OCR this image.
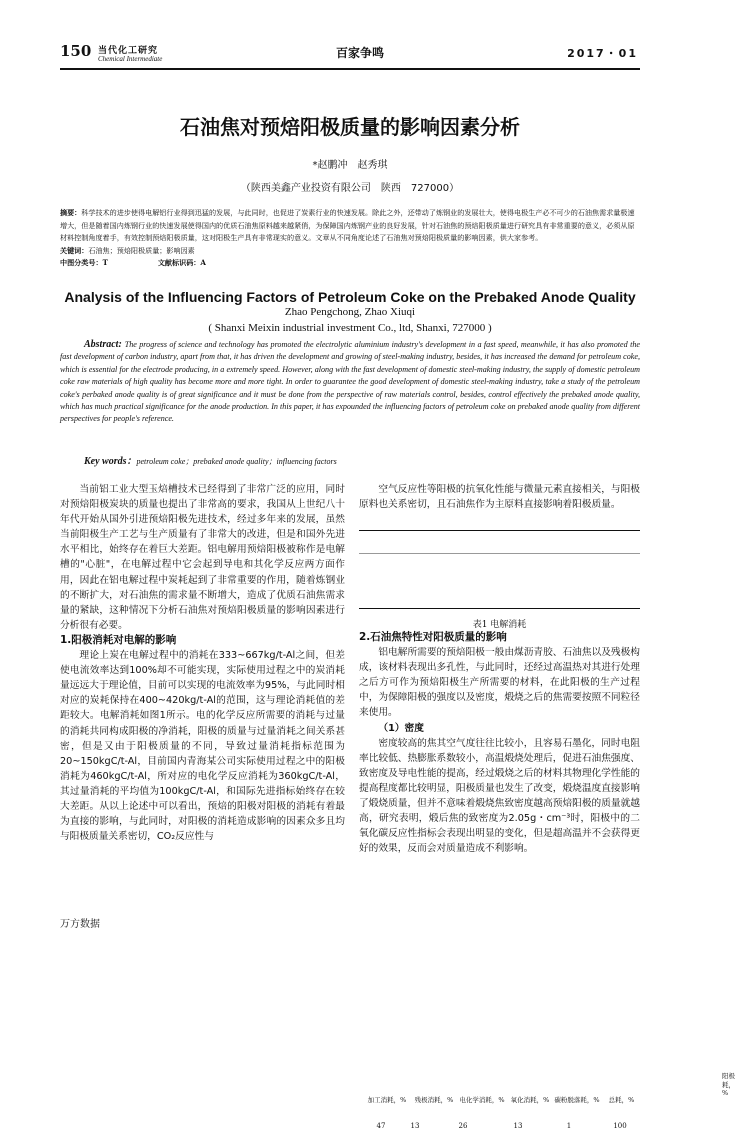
150 当代化工研究
Chemical Intermediate	百家争鸣	2017・01
石油焦对预焙阳极质量的影响因素分析
*赵鹏冲　赵秀琪
（陕西美鑫产业投资有限公司　陕西　727000）
摘要：科学技术的进步使得电解铝行业得到迅猛的发展，与此同时，也促进了炭素行业的快速发展。除此之外，还带动了炼钢业的发展壮大，使得电极生产必不可少的石油焦需求量极速增大，但是随着国内炼钢行业的快速发展使得国内的优质石油焦原料越来越紧俏，为保障国内炼钢产业的良好发展，针对石油焦的预焙阳极质量进行研究具有非常重要的意义，必须从原材料控制角度着手，有效控制预焙阳极质量，这对阳极生产具有非常现实的意义。文章从不同角度论述了石油焦对预焙阳极质量的影响因素，供大家参考。
关键词：石油焦；预焙阳极质量；影响因素
中图分类号：T	文献标识码：A
Analysis of the Influencing Factors of Petroleum Coke on the Prebaked Anode Quality
Zhao Pengchong, Zhao Xiuqi
( Shanxi Meixin industrial investment Co., ltd, Shanxi, 727000 )
Abstract: The progress of science and technology has promoted the electrolytic aluminium industry's development in a fast speed, meanwhile, it has also promoted the fast development of carbon industry, apart from that, it has driven the development and growing of steel-making industry, besides, it has increased the demand for petroleum coke, which is essential for the electrode producing, in a extremely speed. However, along with the fast development of domestic steel-making industry, the supply of domestic petroleum coke raw materials of high quality has become more and more tight. In order to guarantee the good development of domestic steel-making industry, take a study of the petroleum coke's perbaked anode quality is of great significance and it must be done from the perspective of raw materials control, besides, control effectively the prebaked anode quality, which has much practical significance for the anode production. In this paper, it has expounded the influencing factors of petroleum coke on prebaked anode quality from different perspectives for people's reference.
Key words：petroleum coke；prebaked anode quality；influencing factors

当前铝工业大型玉焙槽技术已经得到了非常广泛的应用，同时对预焙阳极炭块的质量也提出了非常高的要求，我国从上世纪八十年代开始从国外引进预焙阳极先进技术，经过多年来的发展，虽然当前阳极生产工艺与生产质量有了非常大的改进，但是和国外先进水平相比，始终存在着巨大差距。铝电解用预焙阳极被称作是电解槽的"心脏"，在电解过程中它会起到导电和其化学反应两方面作用，因此在铝电解过程中炭耗起到了非常重要的作用，随着炼钢业的不断扩大，对石油焦的需求量不断增大，造成了优质石油焦需求量的紧缺，这种情况下分析石油焦对预焙阳极质量的影响因素进行分析很有必要。

1.阳极消耗对电解的影响

理论上炭在电解过程中的消耗在333~667kg/t-Al之间，但差使电流效率达到100%却不可能实现，实际使用过程之中的炭消耗量远远大于理论值，目前可以实现的电流效率为95%，与此同时相对应的炭耗保持在400~420kg/t-Al的范围，这与理论消耗值的差距较大。电解消耗如图1所示。电的化学反应所需要的消耗与过量的消耗共同构成阳极的净消耗，阳极的质量与过量消耗之间关系甚密，但是又由于阳极质量的不同，导致过量消耗指标范围为20~150kgC/t-Al，目前国内青海某公司实际使用过程之中的阳极消耗为460kgC/t-Al，所对应的电化学反应消耗为360kgC/t-Al，其过量消耗的平均值为100kgC/t-Al，和国际先进指标始终存在较大差距。从以上论述中可以看出，预焙的阳极对阳极的消耗有着最为直接的影响，与此同时，对阳极的消耗造成影响的因素众多且均与阳极质量关系密切，CO₂反应性与

空气反应性等阳极的抗氧化性能与微量元素直接相关，与阳极原料也关系密切，且石油焦作为主原料直接影响着阳极质量。

阳极耗，%
加工消耗，%	残极消耗，% 电化学消耗，% 氧化消耗，% 碳粉脱落耗，%	总耗，%
47	13	26	13	1	100
表1 电解消耗

2.石油焦特性对阳极质量的影响

铝电解所需要的预焙阳极一般由煤沥青胶、石油焦以及残极构成，该材料表现出多孔性，与此同时，还经过高温热对其进行处理之后方可作为预焙阳极生产所需要的材料，在此阳极的生产过程中，为保障阳极的强度以及密度，煅烧之后的焦需要按照不同粒径来使用。

（1）密度

密度较高的焦其空气度往往比较小，且容易石墨化，同时电阻率比较低、热膨胀系数较小，高温煅烧处理后，促进石油焦强度、致密度及导电性能的提高，经过煅烧之后的材料其物理化学性能的提高程度都比较明显，阳极质量也发生了改变，煅烧温度直接影响了煅烧质量，但并不意味着煅烧焦致密度越高预焙阳极的质量就越高，研究表明，煅后焦的致密度为2.05g・cm⁻³时，阳极中的二氧化碳反应性指标会表现出明显的变化，但是超高温并不会获得更好的效果，反而会对质量造成不利影响。

万方数据
